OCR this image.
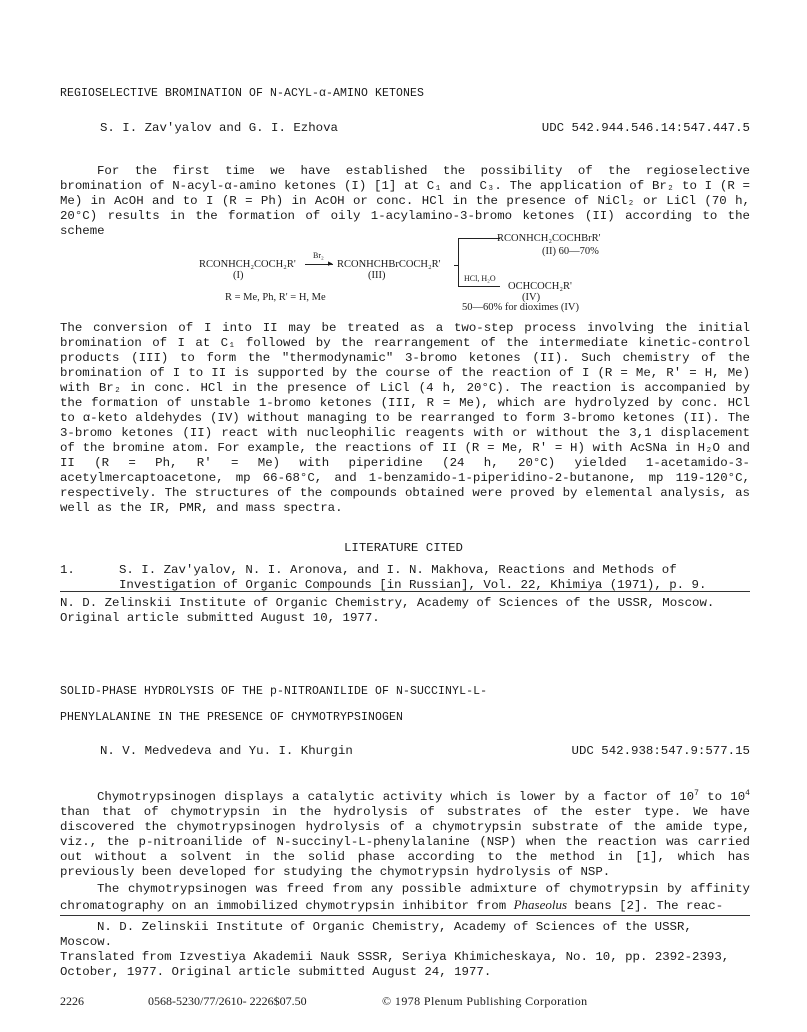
REGIOSELECTIVE BROMINATION OF N-ACYL-α-AMINO KETONES
S. I. Zav'yalov and G. I. Ezhova	UDC 542.944.546.14:547.447.5

For the first time we have established the possibility of the regioselective bromination of N-acyl-α-amino ketones (I) [1] at C₁ and C₃. The application of Br₂ to I (R = Me) in AcOH and to I (R = Ph) in AcOH or conc. HCl in the presence of NiCl₂ or LiCl (70 h, 20°C) results in the formation of oily 1-acylamino-3-bromo ketones (II) according to the scheme

RCONHCH₂COCH₂R'
(I)
Br₂
▸ RCONHCHBrCOCH₂R'
(III)
RCONHCH₂COCHBrR'
(II) 60—70%
HCl, H₂O
OCHCOCH₂R'
(IV)
50—60% for dioximes (IV)
R = Me, Ph, R' = H, Me

The conversion of I into II may be treated as a two-step process involving the initial bromination of I at C₁ followed by the rearrangement of the intermediate kinetic-control products (III) to form the "thermodynamic" 3-bromo ketones (II). Such chemistry of the bromination of I to II is supported by the course of the reaction of I (R = Me, R' = H, Me) with Br₂ in conc. HCl in the presence of LiCl (4 h, 20°C). The reaction is accompanied by the formation of unstable 1-bromo ketones (III, R = Me), which are hydrolyzed by conc. HCl to α-keto aldehydes (IV) without managing to be rearranged to form 3-bromo ketones (II). The 3-bromo ketones (II) react with nucleophilic reagents with or without the 3,1 displacement of the bromine atom. For example, the reactions of II (R = Me, R' = H) with AcSNa in H₂O and II (R = Ph, R' = Me) with piperidine (24 h, 20°C) yielded 1-acetamido-3-acetylmercaptoacetone, mp 66-68°C, and 1-benzamido-1-piperidino-2-butanone, mp 119-120°C, respectively. The structures of the compounds obtained were proved by elemental analysis, as well as the IR, PMR, and mass spectra.

LITERATURE CITED
1.	S. I. Zav'yalov, N. I. Aronova, and I. N. Makhova, Reactions and Methods of Investigation of Organic Compounds [in Russian], Vol. 22, Khimiya (1971), p. 9.
N. D. Zelinskii Institute of Organic Chemistry, Academy of Sciences of the USSR, Moscow. Original article submitted August 10, 1977.
SOLID-PHASE HYDROLYSIS OF THE p-NITROANILIDE OF N-SUCCINYL-L-
PHENYLALANINE IN THE PRESENCE OF CHYMOTRYPSINOGEN
N. V. Medvedeva and Yu. I. Khurgin	UDC 542.938:547.9:577.15

Chymotrypsinogen displays a catalytic activity which is lower by a factor of $10^7$ to $10^4$ than that of chymotrypsin in the hydrolysis of substrates of the ester type. We have discovered the chymotrypsinogen hydrolysis of a chymotrypsin substrate of the amide type, viz., the p-nitroanilide of N-succinyl-L-phenylalanine (NSP) when the reaction was carried out without a solvent in the solid phase according to the method in [1], which has previously been developed for studying the chymotrypsin hydrolysis of NSP.

The chymotrypsinogen was freed from any possible admixture of chymotrypsin by affinity chromatography on an immobilized chymotrypsin inhibitor from Phaseolus beans [2]. The reac-

N. D. Zelinskii Institute of Organic Chemistry, Academy of Sciences of the USSR, Moscow.

Translated from Izvestiya Akademii Nauk SSSR, Seriya Khimicheskaya, No. 10, pp. 2392-2393, October, 1977. Original article submitted August 24, 1977.

2226	0568-5230/77/2610- 2226$07.50	© 1978 Plenum Publishing Corporation
